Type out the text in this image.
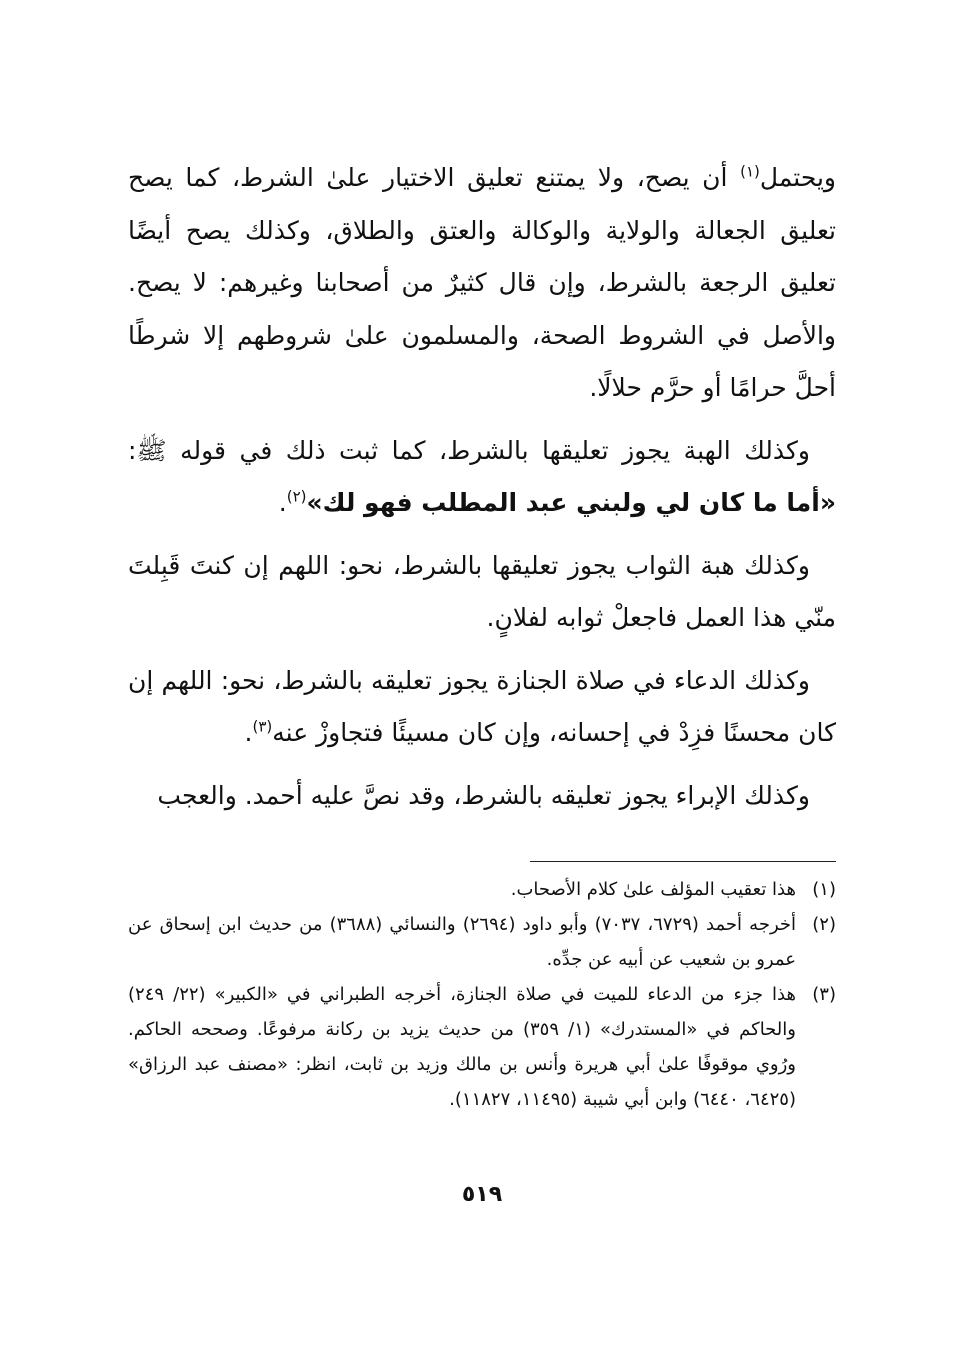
ويحتمل$^{(١)}$ أن يصح، ولا يمتنع تعليق الاختيار علىٰ الشرط، كما يصح تعليق الجعالة والولاية والوكالة والعتق والطلاق، وكذلك يصح أيضًا تعليق الرجعة بالشرط، وإن قال كثيرٌ من أصحابنا وغيرهم: لا يصح. والأصل في الشروط الصحة، والمسلمون علىٰ شروطهم إلا شرطًا أحلَّ حرامًا أو حرَّم حلالًا.

وكذلك الهبة يجوز تعليقها بالشرط، كما ثبت ذلك في قوله ﷺ: «أما ما كان لي ولبني عبد المطلب فهو لك»$^{(٢)}$.

وكذلك هبة الثواب يجوز تعليقها بالشرط، نحو: اللهم إن كنتَ قَبِلتَ منّي هذا العمل فاجعلْ ثوابه لفلانٍ.

وكذلك الدعاء في صلاة الجنازة يجوز تعليقه بالشرط، نحو: اللهم إن كان محسنًا فزِدْ في إحسانه، وإن كان مسيئًا فتجاوزْ عنه$^{(٣)}$.

وكذلك الإبراء يجوز تعليقه بالشرط، وقد نصَّ عليه أحمد. والعجب

(١)
هذا تعقيب المؤلف علىٰ كلام الأصحاب.
(٢)
أخرجه أحمد (٦٧٢٩، ٧٠٣٧) وأبو داود (٢٦٩٤) والنسائي (٣٦٨٨) من حديث ابن إسحاق عن عمرو بن شعيب عن أبيه عن جدِّه.
(٣)
هذا جزء من الدعاء للميت في صلاة الجنازة، أخرجه الطبراني في «الكبير» (٢٢/ ٢٤٩) والحاكم في «المستدرك» (١/ ٣٥٩) من حديث يزيد بن ركانة مرفوعًا. وصححه الحاكم. ورُوي موقوفًا علىٰ أبي هريرة وأنس بن مالك وزيد بن ثابت، انظر: «مصنف عبد الرزاق» (٦٤٢٥، ٦٤٤٠) وابن أبي شيبة (١١٤٩٥، ١١٨٢٧).
٥١٩
